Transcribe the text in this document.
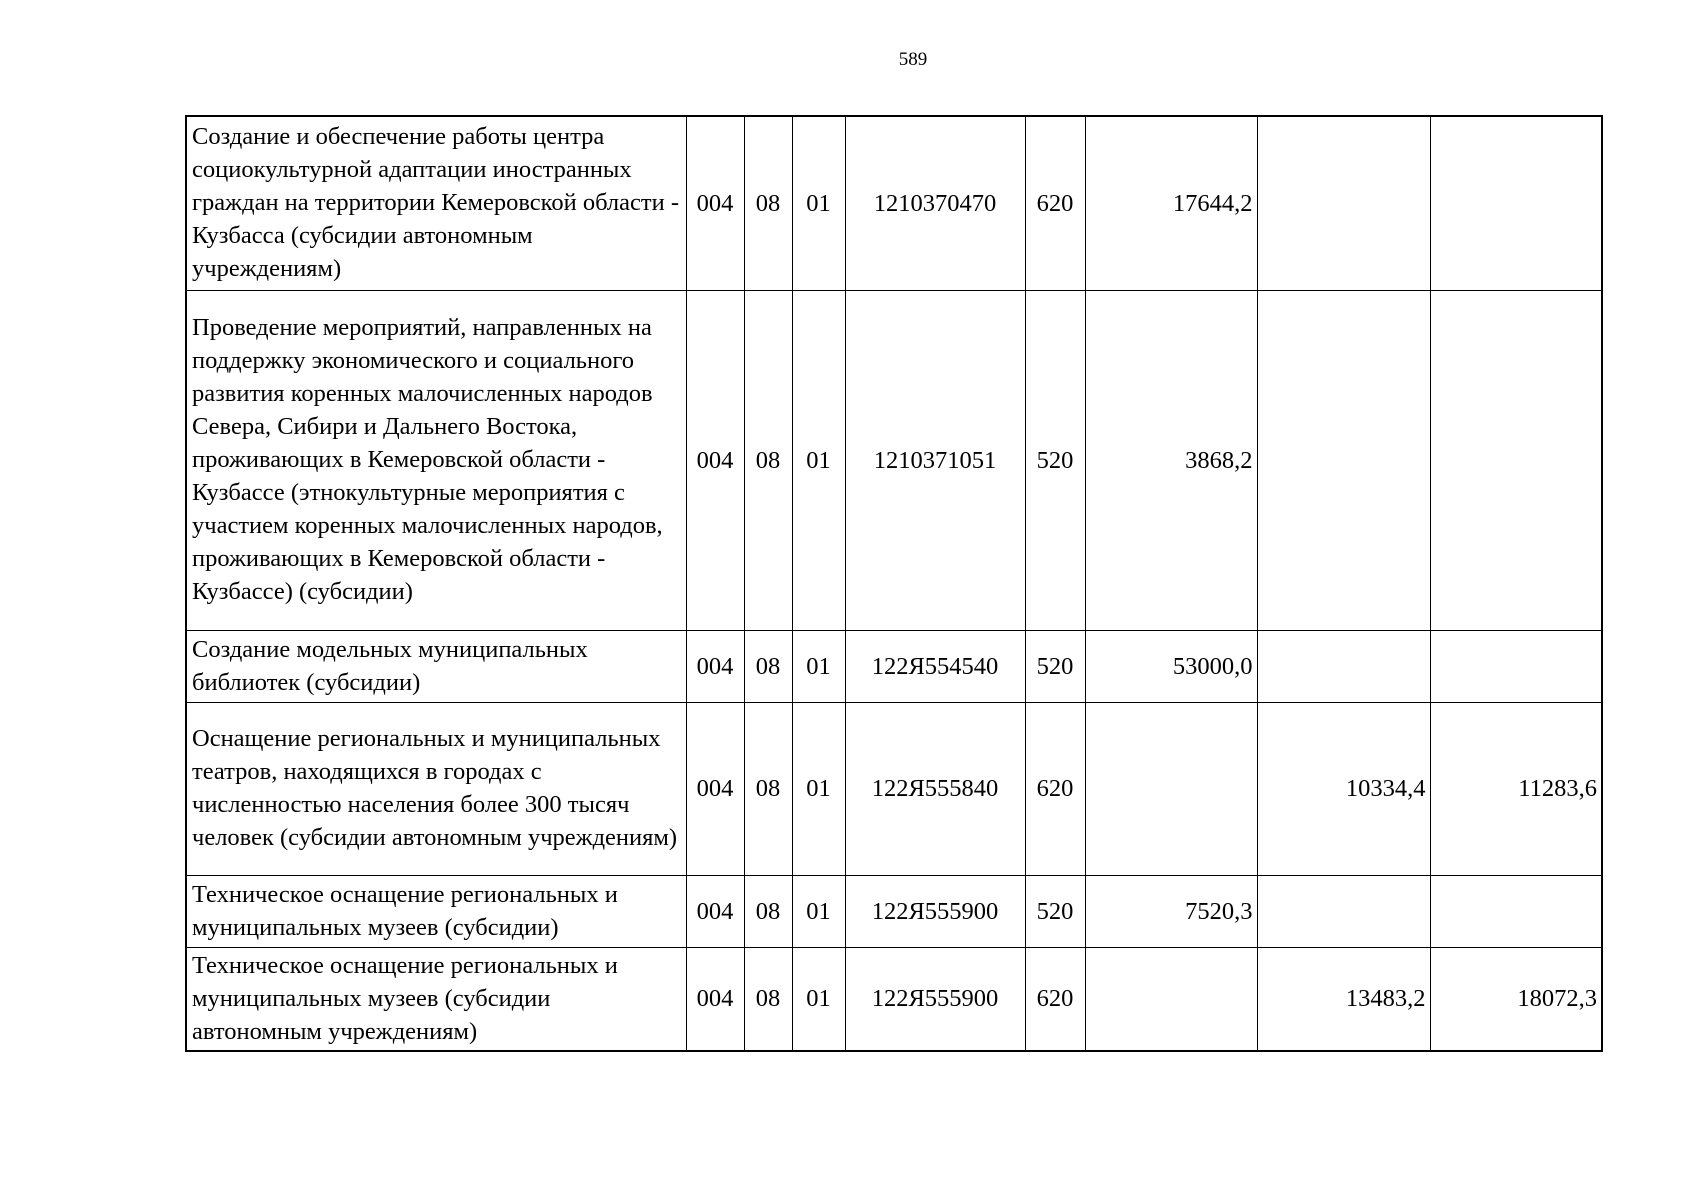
589
Создание и обеспечение работы центра социокультурной адаптации иностранных граждан на территории Кемеровской области - Кузбасса (субсидии автономным учреждениям)	004	08	01	1210370470	620	17644,2		
Проведение мероприятий, направленных на поддержку экономического и социального развития коренных малочисленных народов Севера, Сибири и Дальнего Востока, проживающих в Кемеровской области - Кузбассе (этнокультурные мероприятия с участием коренных малочисленных народов, проживающих в Кемеровской области - Кузбассе) (субсидии)	004	08	01	1210371051	520	3868,2		
Создание модельных муниципальных библиотек (субсидии)	004	08	01	122Я554540	520	53000,0		
Оснащение региональных и муниципальных театров, находящихся в городах с численностью населения более 300 тысяч человек (субсидии автономным учреждениям)	004	08	01	122Я555840	620		10334,4	11283,6
Техническое оснащение региональных и муниципальных музеев (субсидии)	004	08	01	122Я555900	520	7520,3		
Техническое оснащение региональных и муниципальных музеев (субсидии автономным учреждениям)	004	08	01	122Я555900	620		13483,2	18072,3
